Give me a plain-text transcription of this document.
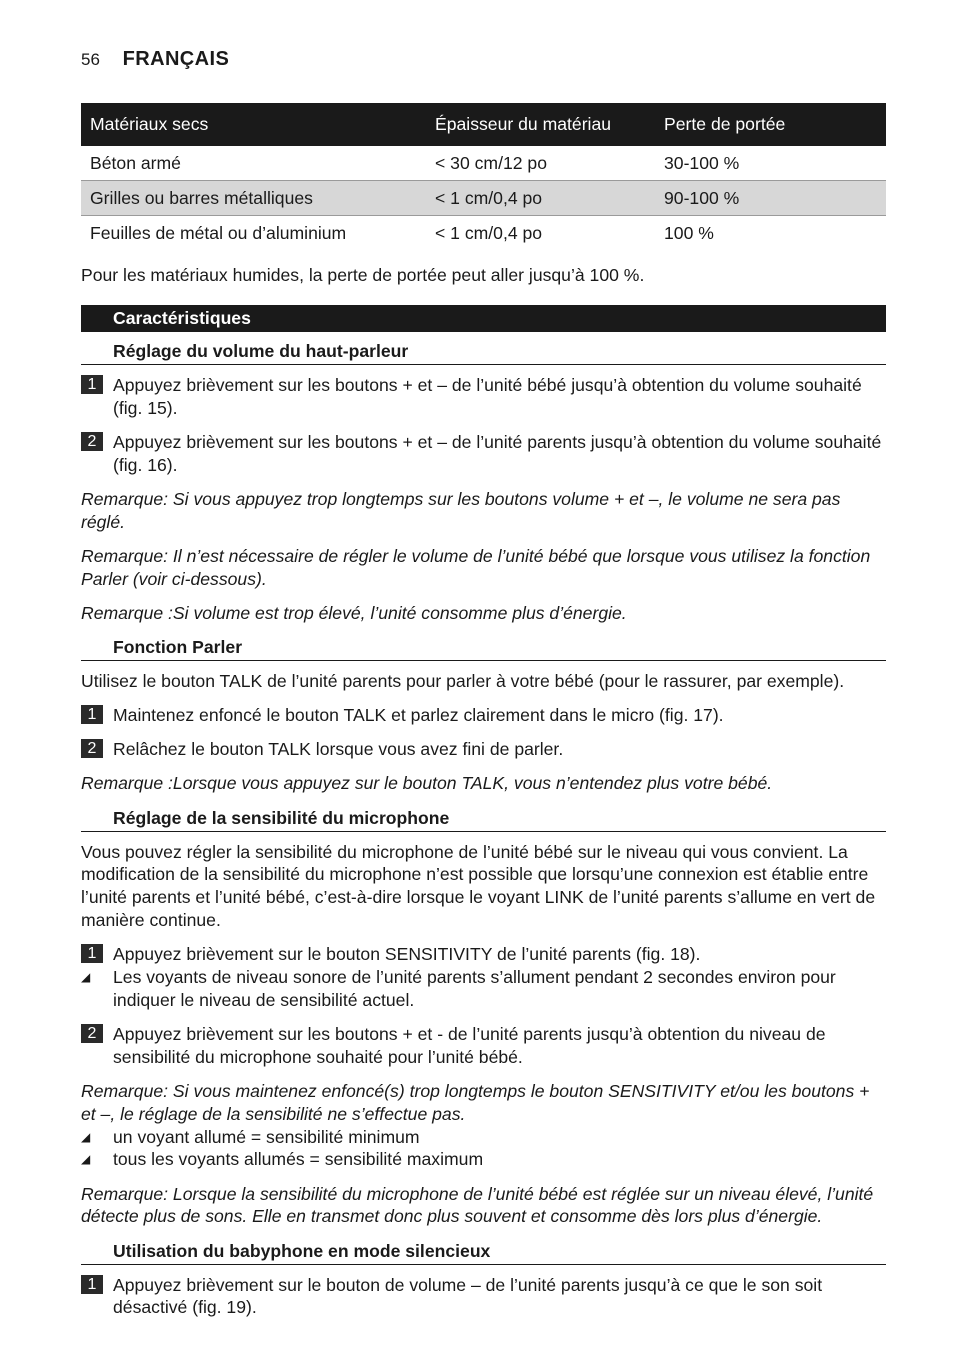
56 FRANÇAIS
Matériaux secs	Épaisseur du matériau	Perte de portée
Béton armé	< 30 cm/12 po	30-100 %
Grilles ou barres métalliques	< 1 cm/0,4 po	90-100 %
Feuilles de métal ou d’aluminium	< 1 cm/0,4 po	100 %

Pour les matériaux humides, la perte de portée peut aller jusqu’à 100 %.

Caractéristiques
Réglage du volume du haut-parleur
1 Appuyez brièvement sur les boutons + et – de l’unité bébé jusqu’à obtention du volume souhaité (fig. 15).
2 Appuyez brièvement sur les boutons + et – de l’unité parents jusqu’à obtention du volume souhaité (fig. 16).

Remarque: Si vous appuyez trop longtemps sur les boutons volume + et –, le volume ne sera pas réglé.

Remarque: Il n’est nécessaire de régler le volume de l’unité bébé que lorsque vous utilisez la fonction Parler (voir ci-dessous).

Remarque :Si volume est trop élevé, l’unité consomme plus d’énergie.

Fonction Parler

Utilisez le bouton TALK de l’unité parents pour parler à votre bébé (pour le rassurer, par exemple).

1 Maintenez enfoncé le bouton TALK et parlez clairement dans le micro (fig. 17).
2 Relâchez le bouton TALK lorsque vous avez fini de parler.

Remarque :Lorsque vous appuyez sur le bouton TALK, vous n’entendez plus votre bébé.

Réglage de la sensibilité du microphone

Vous pouvez régler la sensibilité du microphone de l’unité bébé sur le niveau qui vous convient. La modification de la sensibilité du microphone n’est possible que lorsqu’une connexion est établie entre l’unité parents et l’unité bébé, c’est-à-dire lorsque le voyant LINK de l’unité parents s’allume en vert de manière continue.

1 Appuyez brièvement sur le bouton SENSITIVITY de l’unité parents (fig. 18).
◢	Les voyants de niveau sonore de l’unité parents s’allument pendant 2 secondes environ pour indiquer le niveau de sensibilité actuel.
2 Appuyez brièvement sur les boutons + et - de l’unité parents jusqu’à obtention du niveau de sensibilité du microphone souhaité pour l’unité bébé.

Remarque: Si vous maintenez enfoncé(s) trop longtemps le bouton SENSITIVITY et/ou les boutons + et –, le réglage de la sensibilité ne s’effectue pas.

◢	un voyant allumé = sensibilité minimum
◢	tous les voyants allumés = sensibilité maximum

Remarque: Lorsque la sensibilité du microphone de l’unité bébé est réglée sur un niveau élevé, l’unité détecte plus de sons. Elle en transmet donc plus souvent et consomme dès lors plus d’énergie.

Utilisation du babyphone en mode silencieux
1 Appuyez brièvement sur le bouton de volume – de l’unité parents jusqu’à ce que le son soit désactivé (fig. 19).
